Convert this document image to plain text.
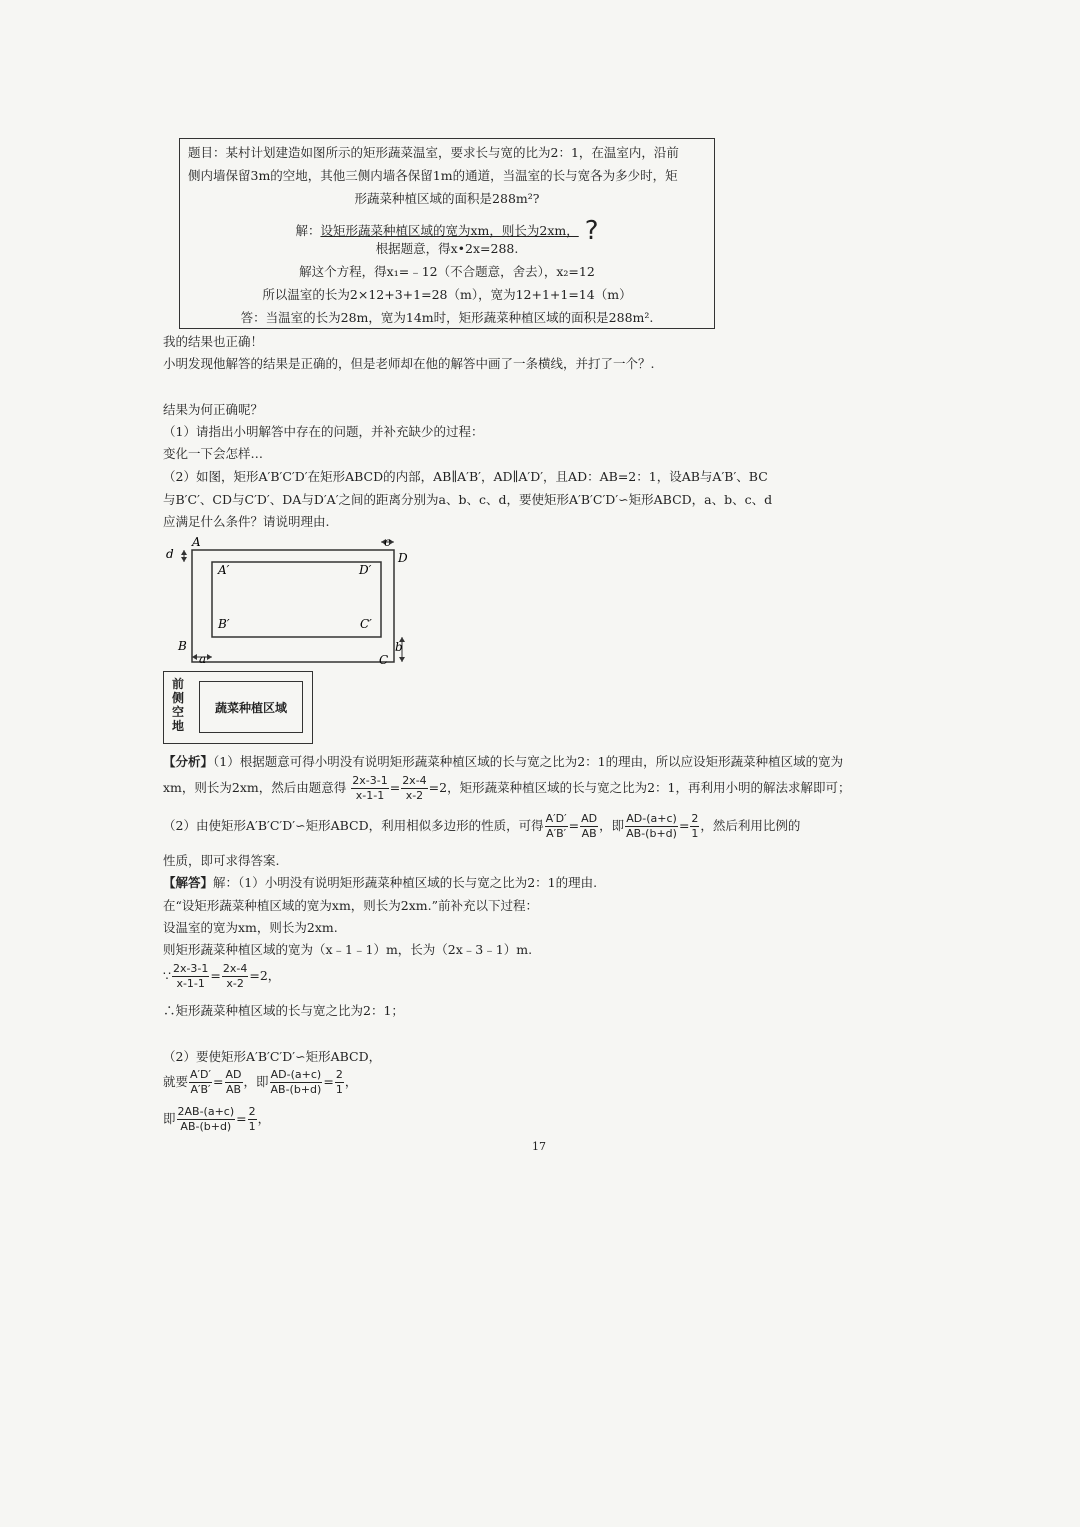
题目：某村计划建造如图所示的矩形蔬菜温室，要求长与宽的比为2：1，在温室内，沿前
侧内墙保留3m的空地，其他三侧内墙各保留1m的通道，当温室的长与宽各为多少时，矩
形蔬菜种植区域的面积是288m²?
解：设矩形蔬菜种植区域的宽为xm，则长为2xm， ?
根据题意，得x•2x=288.
解这个方程，得x₁=﹣12（不合题意，舍去），x₂=12
所以温室的长为2×12+3+1=28（m），宽为12+1+1=14（m）
答：当温室的长为28m，宽为14m时，矩形蔬菜种植区域的面积是288m².
我的结果也正确！
小明发现他解答的结果是正确的，但是老师却在他的解答中画了一条横线，并打了一个？.
结果为何正确呢？
（1）请指出小明解答中存在的问题，并补充缺少的过程：
变化一下会怎样…
（2）如图，矩形A′B′C′D′在矩形ABCD的内部，AB∥A′B′，AD∥A′D′，且AD：AB=2：1，设AB与A′B′、BC
与B′C′、CD与C′D′、DA与D′A′之间的距离分别为a、b、c、d，要使矩形A′B′C′D′∽矩形ABCD，a、b、c、d
应满足什么条件？请说明理由.
A
D
B
C
A′	D′
B′	C′
d
c
b
a
前侧空地
蔬菜种植区域
【分析】（1）根据题意可得小明没有说明矩形蔬菜种植区域的长与宽之比为2：1的理由，所以应设矩形蔬菜种植区域的宽为
xm，则长为2xm，然后由题意得 $\frac{2x-3-1}{x-1-1} = \frac{2x-4}{x-2} =2$，矩形蔬菜种植区域的长与宽之比为2：1，再利用小明的解法求解即可；
（2）由使矩形A′B′C′D′∽矩形ABCD，利用相似多边形的性质，可得 $\frac{A'D'}{A'B'} = \frac{AD}{AB}$ ，即 $\frac{AD-(a+c)}{AB-(b+d)} = \frac{2}{1}$ ，然后利用比例的
性质，即可求得答案.
【解答】解：（1）小明没有说明矩形蔬菜种植区域的长与宽之比为2：1的理由.
在“设矩形蔬菜种植区域的宽为xm，则长为2xm.”前补充以下过程：
设温室的宽为xm，则长为2xm.
则矩形蔬菜种植区域的宽为（x﹣1﹣1）m，长为（2x﹣3﹣1）m.
∵ $\frac{2x-3-1}{x-1-1} = \frac{2x-4}{x-2} =2$，
∴矩形蔬菜种植区域的长与宽之比为2：1；
（2）要使矩形A′B′C′D′∽矩形ABCD，
就要 $\frac{A'D'}{A'B'} = \frac{AD}{AB}$ ，即 $\frac{AD-(a+c)}{AB-(b+d)} = \frac{2}{1}$ ，
即 $\frac{2AB-(a+c)}{AB-(b+d)} = \frac{2}{1}$ ，
17
